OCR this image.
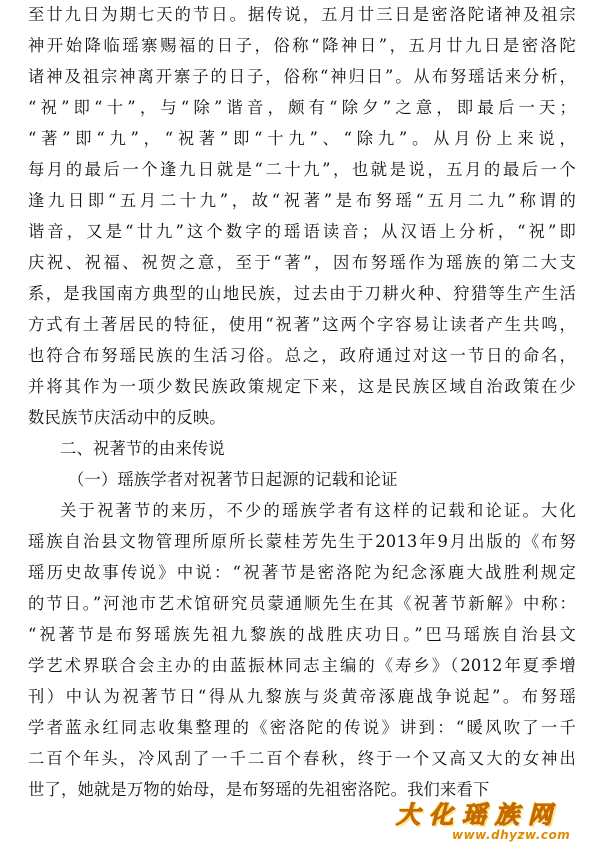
至廿九日为期七天的节日。据传说，五月廿三日是密洛陀诸神及祖宗
神开始降临瑶寨赐福的日子，俗称“降神日”，五月廿九日是密洛陀
诸神及祖宗神离开寨子的日子，俗称“神归日”。从布努瑶话来分析，
“祝”即“十”，与“除”谐音，颇有“除夕”之意，即最后一天；
“著”即“九”，“祝著”即“十九”、“除九”。从月份上来说，
每月的最后一个逢九日就是“二十九”，也就是说，五月的最后一个
逢九日即“五月二十九”，故“祝著”是布努瑶“五月二九”称谓的
谐音，又是“廿九”这个数字的瑶语读音；从汉语上分析，“祝”即
庆祝、祝福、祝贺之意，至于“著”，因布努瑶作为瑶族的第二大支
系，是我国南方典型的山地民族，过去由于刀耕火种、狩猎等生产生活
方式有土著居民的特征，使用“祝著”这两个字容易让读者产生共鸣，
也符合布努瑶民族的生活习俗。总之，政府通过对这一节日的命名，
并将其作为一项少数民族政策规定下来，这是民族区域自治政策在少
数民族节庆活动中的反映。
二、祝著节的由来传说
（一）瑶族学者对祝著节日起源的记载和论证
关于祝著节的来历，不少的瑶族学者有这样的记载和论证。大化
瑶族自治县文物管理所原所长蒙桂芳先生于2013年9月出版的《布努
瑶历史故事传说》中说：“祝著节是密洛陀为纪念涿鹿大战胜利规定
的节日。”河池市艺术馆研究员蒙通顺先生在其《祝著节新解》中称：
“祝著节是布努瑶族先祖九黎族的战胜庆功日。”巴马瑶族自治县文
学艺术界联合会主办的由蓝振林同志主编的《寿乡》（2012年夏季增
刊）中认为祝著节日“得从九黎族与炎黄帝涿鹿战争说起”。布努瑶
学者蓝永红同志收集整理的《密洛陀的传说》讲到：“暖风吹了一千
二百个年头，冷风刮了一千二百个春秋，终于一个又高又大的女神出
世了，她就是万物的始母，是布努瑶的先祖密洛陀。我们来看下
大化瑶族网
www.dhyzw.com
